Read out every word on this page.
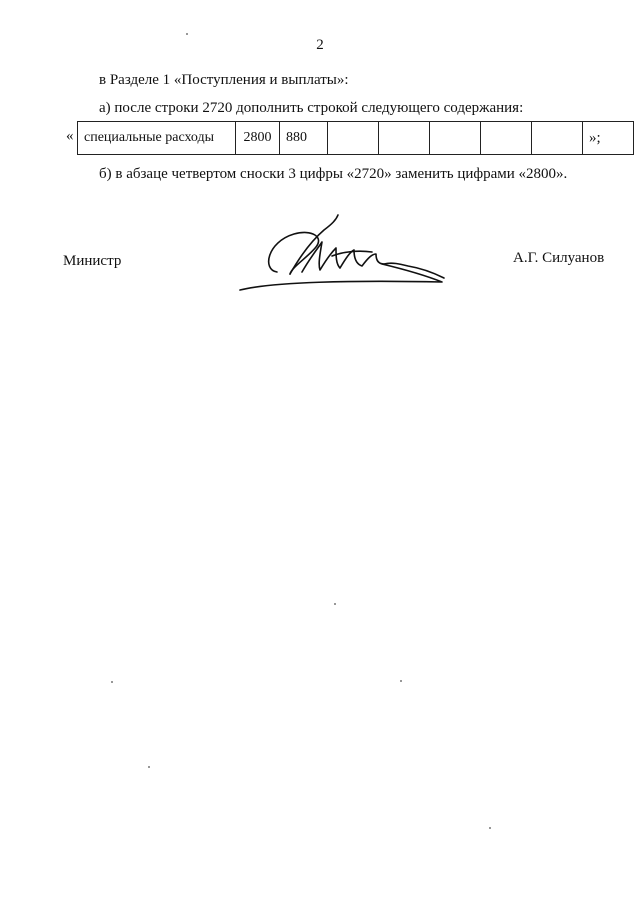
2
в Разделе 1 «Поступления и выплаты»:
а) после строки 2720 дополнить строкой следующего содержания:
« специальные расходы	2800	880							»;
б) в абзаце четвертом сноски 3 цифры «2720» заменить цифрами «2800».
Министр	А.Г. Силуанов
